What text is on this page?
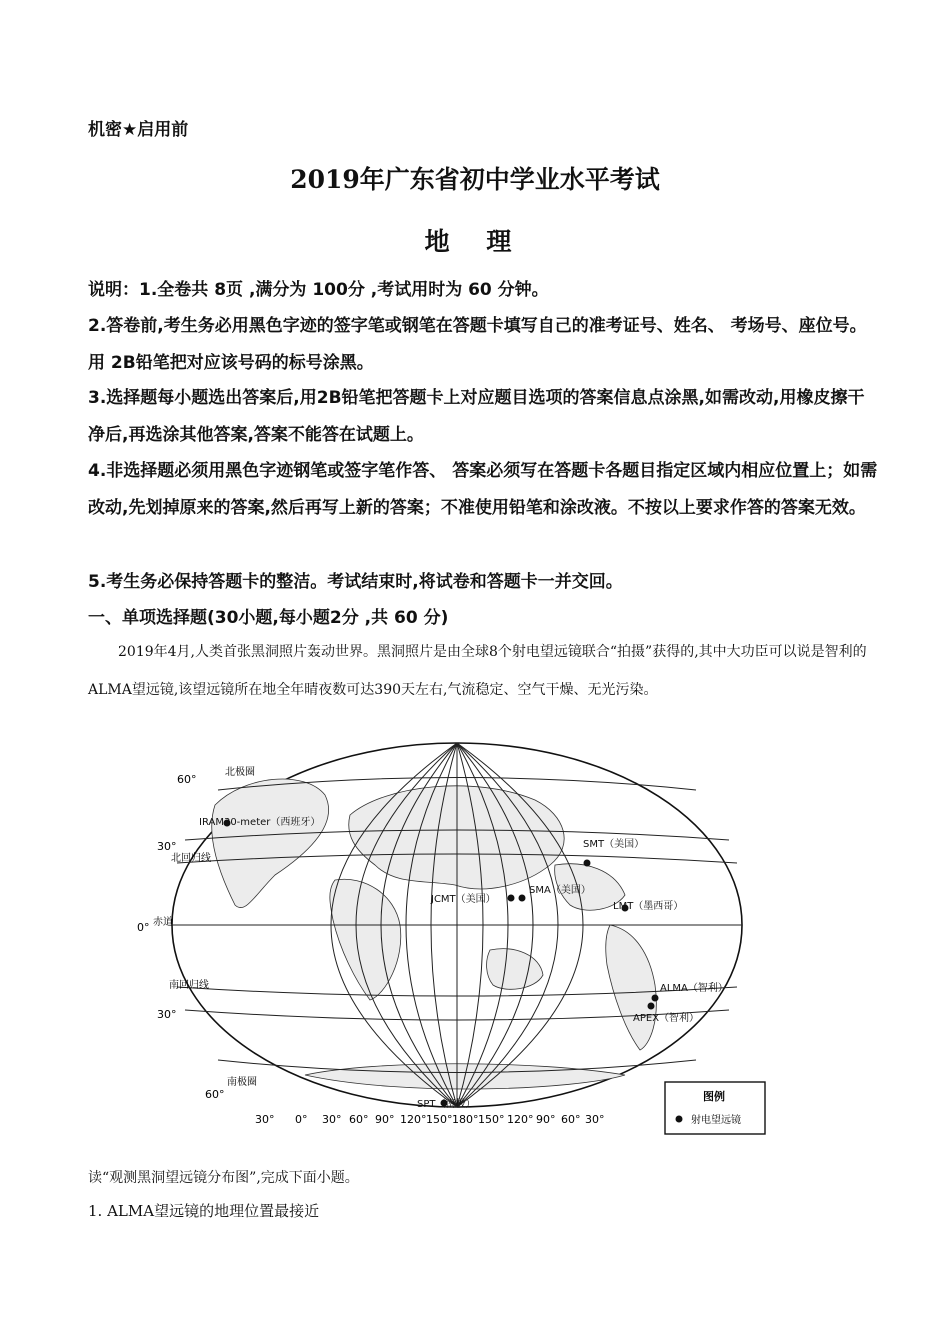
机密★启用前
2019年广东省初中学业水平考试
地 理
说明：1.全卷共 8页 ,满分为 100分 ,考试用时为 60 分钟。
2.答卷前,考生务必用黑色字迹的签字笔或钢笔在答题卡填写自己的准考证号、姓名、 考场号、座位号。用 2B铅笔把对应该号码的标号涂黑。
3.选择题每小题选出答案后,用2B铅笔把答题卡上对应题目选项的答案信息点涂黑,如需改动,用橡皮擦干净后,再选涂其他答案,答案不能答在试题上。
4.非选择题必须用黑色字迹钢笔或签字笔作答、 答案必须写在答题卡各题目指定区域内相应位置上；如需改动,先划掉原来的答案,然后再写上新的答案；不准使用铅笔和涂改液。不按以上要求作答的答案无效。
5.考生务必保持答题卡的整洁。考试结束时,将试卷和答题卡一并交回。
一、单项选择题(30小题,每小题2分 ,共 60 分)
2019年4月,人类首张黑洞照片轰动世界。黑洞照片是由全球8个射电望远镜联合“拍摄”获得的,其中大功臣可以说是智利的ALMA望远镜,该望远镜所在地全年晴夜数可达390天左右,气流稳定、空气干燥、无光污染。
60°
30°
0°
30°
60°
北极圈
北回归线
赤道
南回归线
南极圈
30° 0° 30° 60° 90° 120° 150° 180° 150° 120° 90° 60° 30°
IRAM30-meter（西班牙）
SMT（美国）
JCMT（美国）
SMA（美国）
LMT（墨西哥）
ALMA（智利）
APEX（智利）
SPT（南极）
图例
射电望远镜
读“观测黑洞望远镜分布图”,完成下面小题。
1. ALMA望远镜的地理位置最接近
